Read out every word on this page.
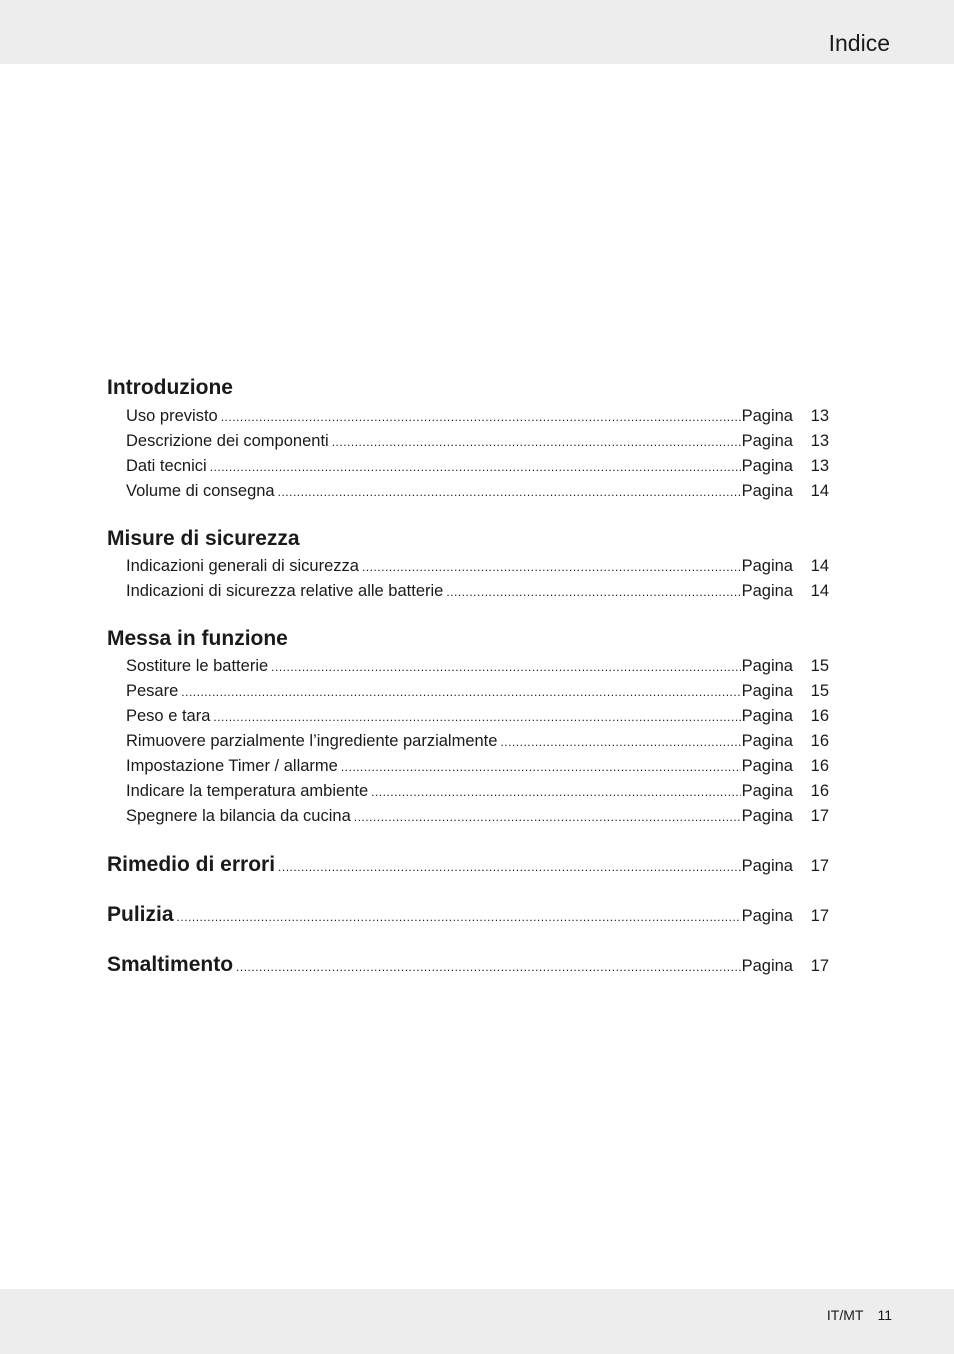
Indice
Introduzione
Uso previsto .....	Pagina 13
Descrizione dei componenti .....	Pagina 13
Dati tecnici .....	Pagina 13
Volume di consegna .....	Pagina 14
Misure di sicurezza
Indicazioni generali di sicurezza .....	Pagina 14
Indicazioni di sicurezza relative alle batterie .....	Pagina 14
Messa in funzione
Sostiture le batterie .....	Pagina 15
Pesare .....	Pagina 15
Peso e tara .....	Pagina 16
Rimuovere parzialmente l’ingrediente parzialmente .....	Pagina 16
Impostazione Timer / allarme .....	Pagina 16
Indicare la temperatura ambiente .....	Pagina 16
Spegnere la bilancia da cucina .....	Pagina 17
Rimedio di errori .....	Pagina 17
Pulizia .....	Pagina 17
Smaltimento .....	Pagina 17
IT/MT 11
